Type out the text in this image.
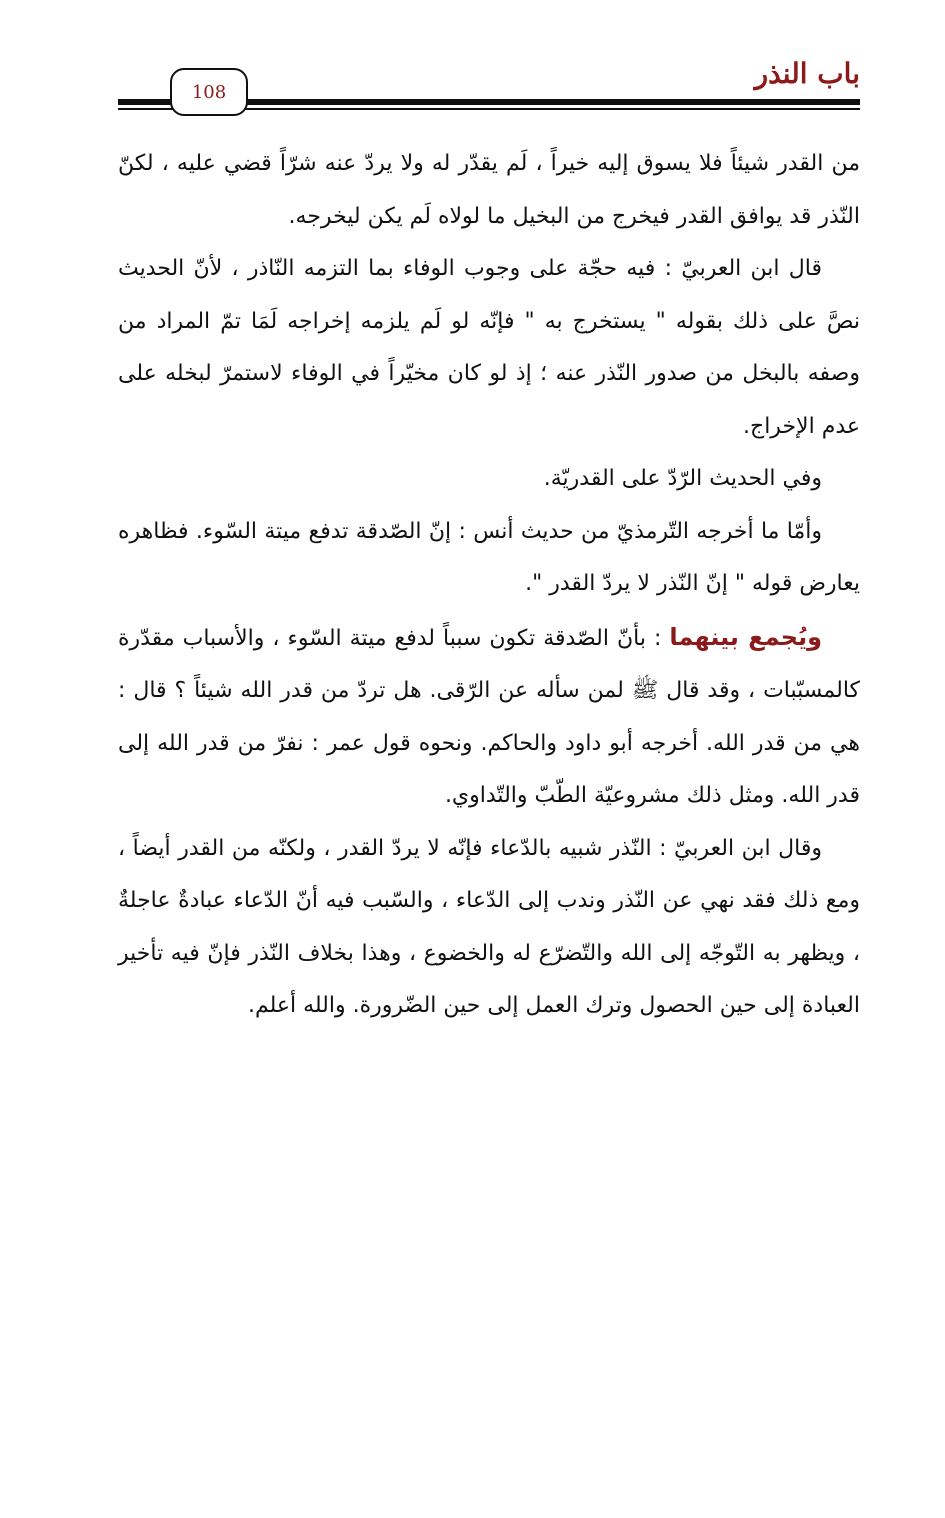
باب النذر
108

من القدر شيئاً فلا يسوق إليه خيراً ، لَم يقدّر له ولا يردّ عنه شرّاً قضي عليه ، لكنّ النّذر قد يوافق القدر فيخرج من البخيل ما لولاه لَم يكن ليخرجه.

قال ابن العربيّ : فيه حجّة على وجوب الوفاء بما التزمه النّاذر ، لأنّ الحديث نصَّ على ذلك بقوله " يستخرج به " فإنّه لو لَم يلزمه إخراجه لَمَا تمّ المراد من وصفه بالبخل من صدور النّذر عنه ؛ إذ لو كان مخيّراً في الوفاء لاستمرّ لبخله على عدم الإخراج.

وفي الحديث الرّدّ على القدريّة.

وأمّا ما أخرجه التّرمذيّ من حديث أنس : إنّ الصّدقة تدفع ميتة السّوء. فظاهره يعارض قوله " إنّ النّذر لا يردّ القدر ".

ويُجمع بينهما : بأنّ الصّدقة تكون سبباً لدفع ميتة السّوء ، والأسباب مقدّرة كالمسبّبات ، وقد قال ﷺ لمن سأله عن الرّقى. هل تردّ من قدر الله شيئاً ؟ قال : هي من قدر الله. أخرجه أبو داود والحاكم. ونحوه قول عمر : نفرّ من قدر الله إلى قدر الله. ومثل ذلك مشروعيّة الطّبّ والتّداوي.

وقال ابن العربيّ : النّذر شبيه بالدّعاء فإنّه لا يردّ القدر ، ولكنّه من القدر أيضاً ، ومع ذلك فقد نهي عن النّذر وندب إلى الدّعاء ، والسّبب فيه أنّ الدّعاء عبادةٌ عاجلةٌ ، ويظهر به التّوجّه إلى الله والتّضرّع له والخضوع ، وهذا بخلاف النّذر فإنّ فيه تأخير العبادة إلى حين الحصول وترك العمل إلى حين الضّرورة. والله أعلم.
